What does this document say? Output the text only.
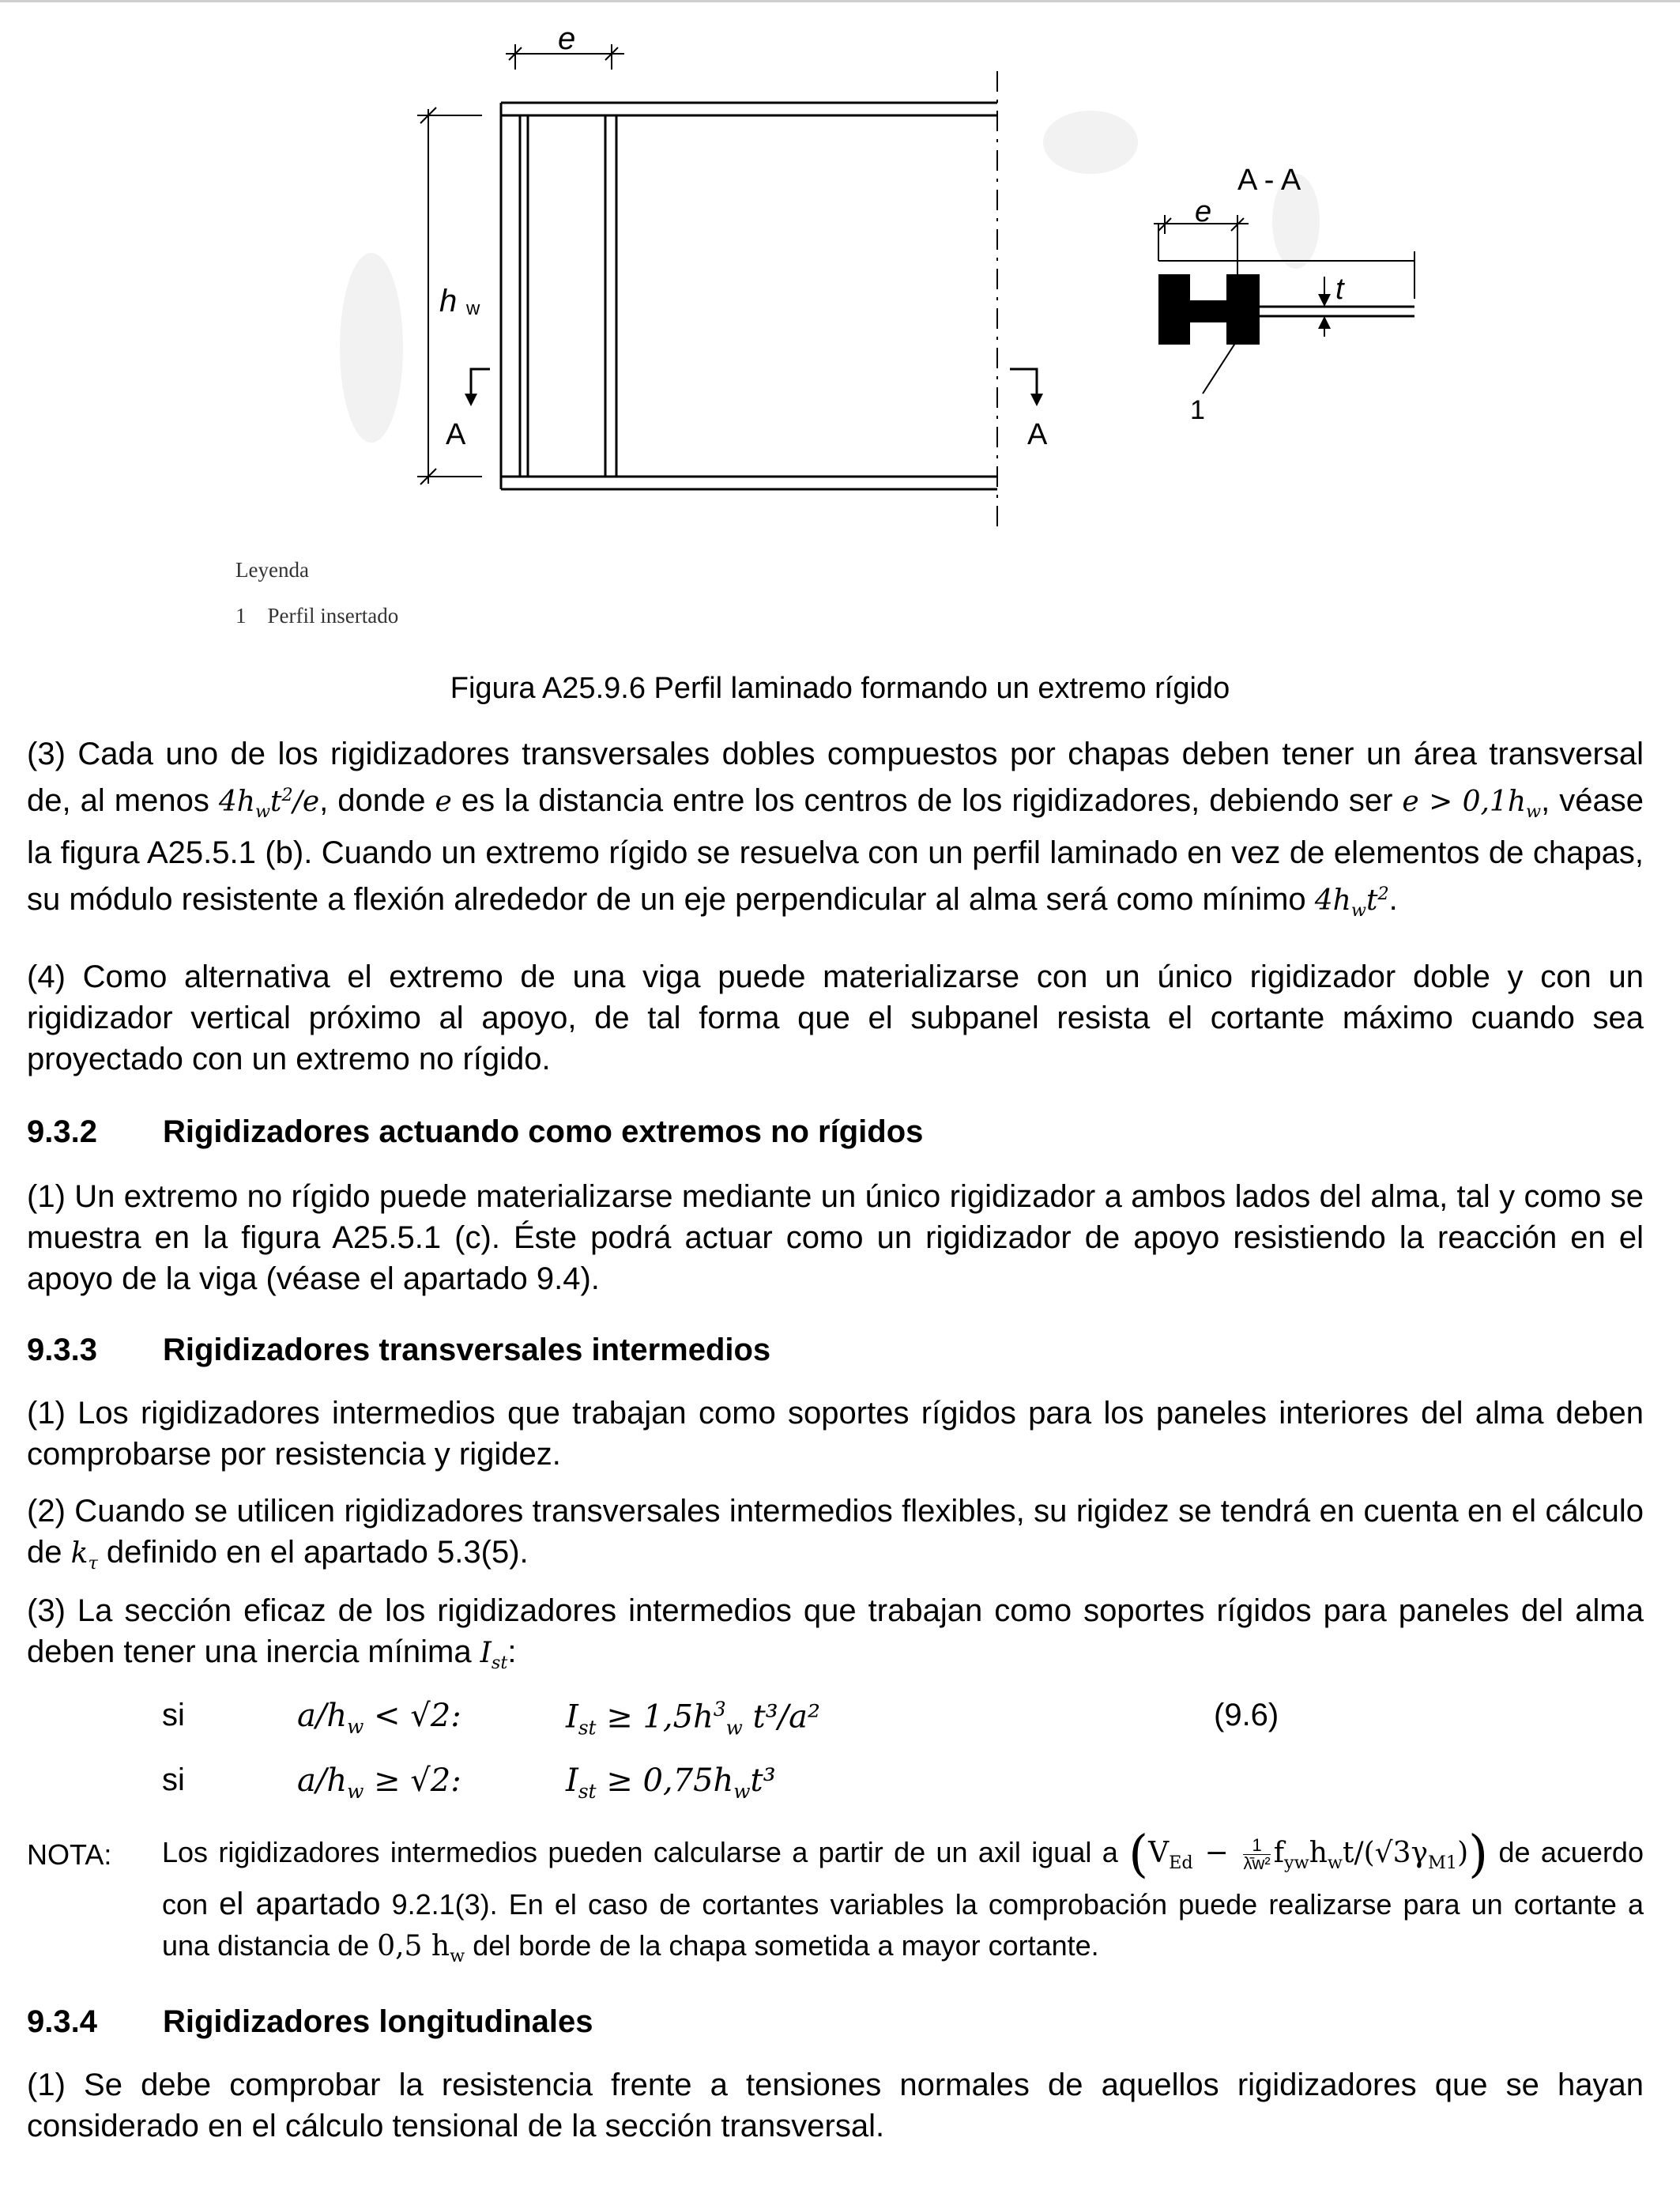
e
h w
A	A
A - A
e
t
1
Leyenda
1 Perfil insertado
Figura A25.9.6 Perfil laminado formando un extremo rígido
(3) Cada uno de los rigidizadores transversales dobles compuestos por chapas deben tener un área transversal de, al menos $4h_wt^2/e$, donde e es la distancia entre los centros de los rigidizadores, debiendo ser $e > 0,1h_w$, véase la figura A25.5.1 (b). Cuando un extremo rígido se resuelva con un perfil laminado en vez de elementos de chapas, su módulo resistente a flexión alrededor de un eje perpendicular al alma será como mínimo $4h_wt^2$.
(4) Como alternativa el extremo de una viga puede materializarse con un único rigidizador doble y con un rigidizador vertical próximo al apoyo, de tal forma que el subpanel resista el cortante máximo cuando sea proyectado con un extremo no rígido.
9.3.2 Rigidizadores actuando como extremos no rígidos
(1) Un extremo no rígido puede materializarse mediante un único rigidizador a ambos lados del alma, tal y como se muestra en la figura A25.5.1 (c). Éste podrá actuar como un rigidizador de apoyo resistiendo la reacción en el apoyo de la viga (véase el apartado 9.4).
9.3.3 Rigidizadores transversales intermedios
(1) Los rigidizadores intermedios que trabajan como soportes rígidos para los paneles interiores del alma deben comprobarse por resistencia y rigidez.
(2) Cuando se utilicen rigidizadores transversales intermedios flexibles, su rigidez se tendrá en cuenta en el cálculo de $k_\tau$ definido en el apartado 5.3(5).
(3) La sección eficaz de los rigidizadores intermedios que trabajan como soportes rígidos para paneles del alma deben tener una inercia mínima $I_{st}$:
si	$a/h_w < √2$:	$I_{st} \ge 1,5h^3_w$ t³/a²	(9.6)
si	$a/h_w \ge √2$:	$I_{st} \ge 0,75h_wt^3$
NOTA: Los rigidizadores intermedios pueden calcularse a partir de un axil igual a $(V_{Ed} - \frac{1}{\text{λ̄w²}} f_{yw}h_wt/(√3\gamma_{M1}))$ de acuerdo con el apartado 9.2.1(3). En el caso de cortantes variables la comprobación puede realizarse para un cortante a una distancia de 0,5 $h_w$ del borde de la chapa sometida a mayor cortante.
9.3.4 Rigidizadores longitudinales
(1) Se debe comprobar la resistencia frente a tensiones normales de aquellos rigidizadores que se hayan considerado en el cálculo tensional de la sección transversal.
